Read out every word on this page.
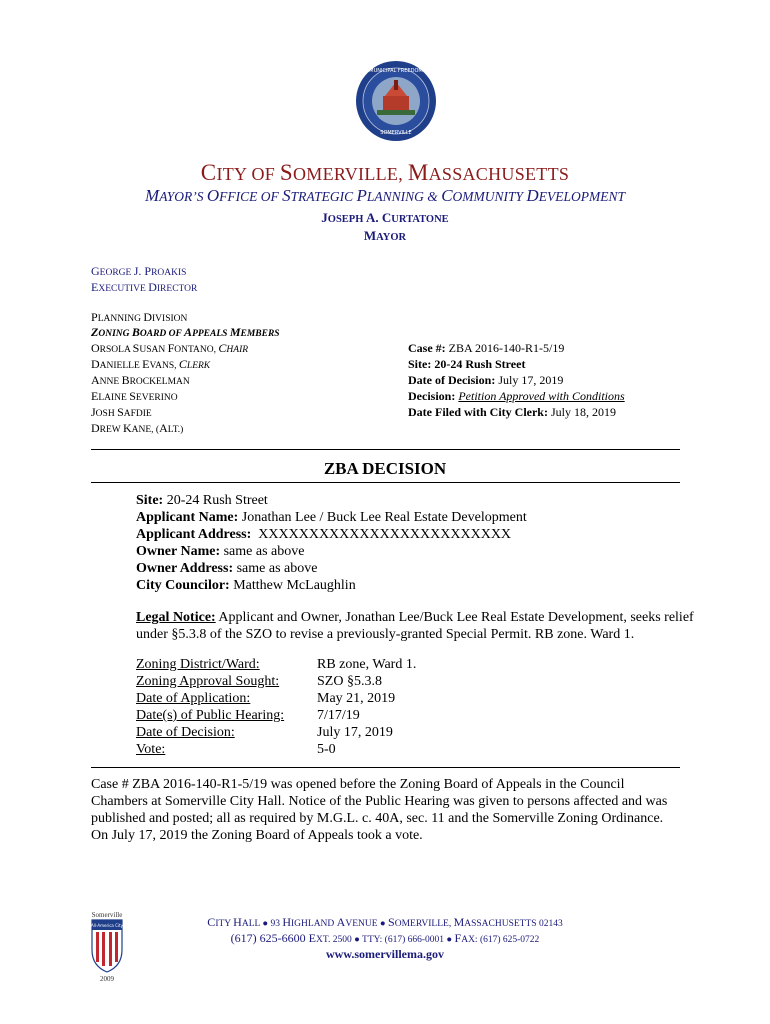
MUNICIPAL FREEDOM
SOMERVILLE
CITY OF SOMERVILLE, MASSACHUSETTS
MAYOR’S OFFICE OF STRATEGIC PLANNING & COMMUNITY DEVELOPMENT
JOSEPH A. CURTATONE
MAYOR
GEORGE J. PROAKIS
EXECUTIVE DIRECTOR
PLANNING DIVISION
ZONING BOARD OF APPEALS MEMBERS
ORSOLA SUSAN FONTANO, CHAIR
DANIELLE EVANS, CLERK
ANNE BROCKELMAN
ELAINE SEVERINO
JOSH SAFDIE
DREW KANE, (ALT.)
Case #: ZBA 2016-140-R1-5/19
Site: 20-24 Rush Street
Date of Decision: July 17, 2019
Decision: Petition Approved with Conditions
Date Filed with City Clerk: July 18, 2019
ZBA DECISION
Site: 20-24 Rush Street
Applicant Name: Jonathan Lee / Buck Lee Real Estate Development
Applicant Address:  XXXXXXXXXXXXXXXXXXXXXXXXX
Owner Name: same as above
Owner Address: same as above
City Councilor: Matthew McLaughlin
Legal Notice: Applicant and Owner, Jonathan Lee/Buck Lee Real Estate Development, seeks relief under §5.3.8 of the SZO to revise a previously-granted Special Permit. RB zone. Ward 1.
Zoning District/Ward:	RB zone, Ward 1.
Zoning Approval Sought:	SZO §5.3.8
Date of Application:	May 21, 2019
Date(s) of Public Hearing: 7/17/19
Date of Decision:	July 17, 2019
Vote:	5-0
Case # ZBA 2016-140-R1-5/19 was opened before the Zoning Board of Appeals in the Council Chambers at Somerville City Hall. Notice of the Public Hearing was given to persons affected and was published and posted; all as required by M.G.L. c. 40A, sec. 11 and the Somerville Zoning Ordinance. On July 17, 2019 the Zoning Board of Appeals took a vote.
Somerville
All-America City
2009
CITY HALL ● 93 HIGHLAND AVENUE ● SOMERVILLE, MASSACHUSETTS 02143
(617) 625-6600 EXT. 2500 ● TTY: (617) 666-0001 ● FAX: (617) 625-0722
www.somervillema.gov
